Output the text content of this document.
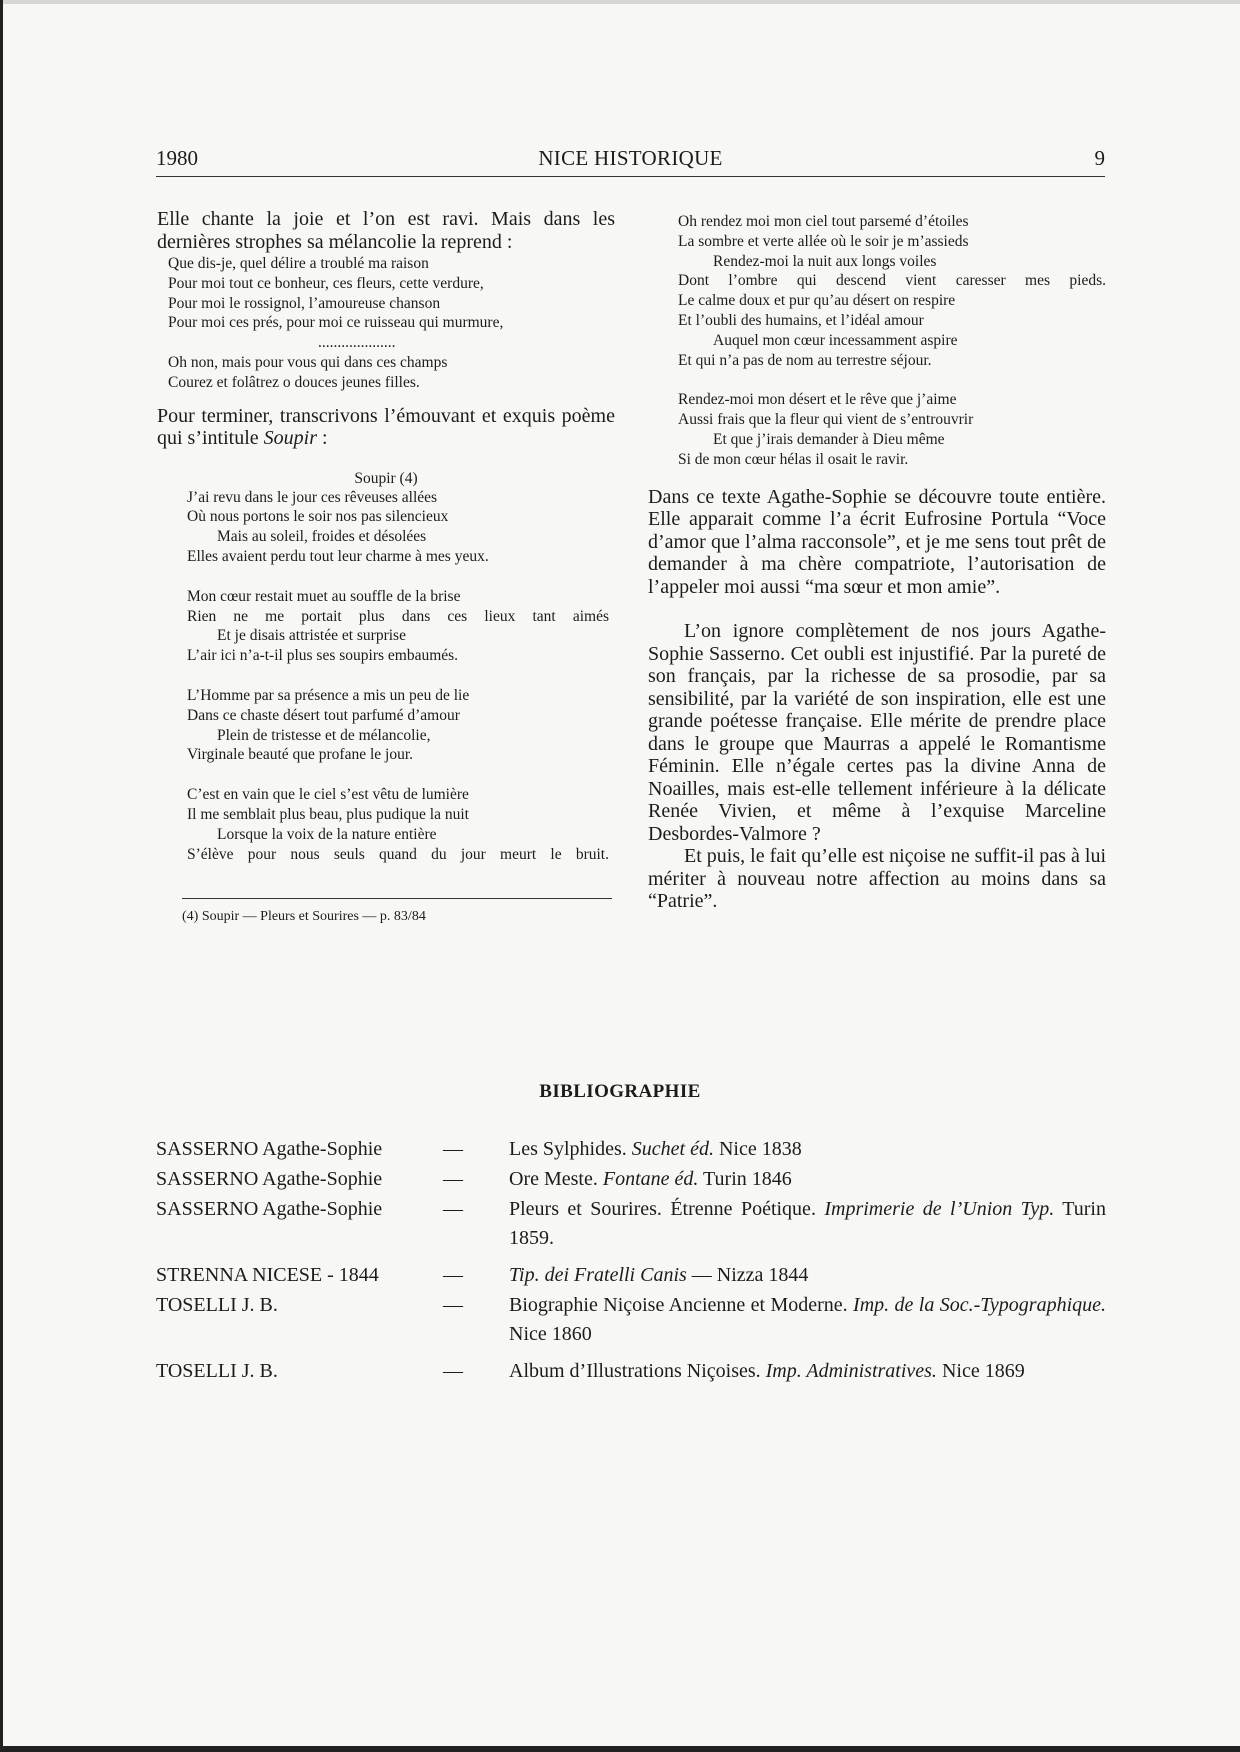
1980	NICE HISTORIQUE	9

Elle chante la joie et l’on est ravi. Mais dans les dernières strophes sa mélancolie la reprend :

Que dis-je, quel délire a troublé ma raison
Pour moi tout ce bonheur, ces fleurs, cette verdure,
Pour moi le rossignol, l’amoureuse chanson
Pour moi ces prés, pour moi ce ruisseau qui murmure,
....................
Oh non, mais pour vous qui dans ces champs
Courez et folâtrez o douces jeunes filles.

Pour terminer, transcrivons l’émouvant et exquis poème qui s’intitule Soupir :

Soupir (4)

J’ai revu dans le jour ces rêveuses allées
Où nous portons le soir nos pas silencieux
Mais au soleil, froides et désolées
Elles avaient perdu tout leur charme à mes yeux.
Mon cœur restait muet au souffle de la brise
Rien ne me portait plus dans ces lieux tant aimés
Et je disais attristée et surprise
L’air ici n’a-t-il plus ses soupirs embaumés.
L’Homme par sa présence a mis un peu de lie
Dans ce chaste désert tout parfumé d’amour
Plein de tristesse et de mélancolie,
Virginale beauté que profane le jour.
C’est en vain que le ciel s’est vêtu de lumière
Il me semblait plus beau, plus pudique la nuit
Lorsque la voix de la nature entière
S’élève pour nous seuls quand du jour meurt le bruit.
(4) Soupir — Pleurs et Sourires — p. 83/84
Oh rendez moi mon ciel tout parsemé d’étoiles
La sombre et verte allée où le soir je m’assieds
Rendez-moi la nuit aux longs voiles
Dont l’ombre qui descend vient caresser mes pieds.
Le calme doux et pur qu’au désert on respire
Et l’oubli des humains, et l’idéal amour
Auquel mon cœur incessamment aspire
Et qui n’a pas de nom au terrestre séjour.
Rendez-moi mon désert et le rêve que j’aime
Aussi frais que la fleur qui vient de s’entrouvrir
Et que j’irais demander à Dieu même
Si de mon cœur hélas il osait le ravir.

Dans ce texte Agathe-Sophie se découvre toute entière. Elle apparait comme l’a écrit Eufrosine Portula “Voce d’amor que l’alma racconsole”, et je me sens tout prêt de demander à ma chère compatriote, l’autorisation de l’appeler moi aussi “ma sœur et mon amie”.

L’on ignore complètement de nos jours Agathe-Sophie Sasserno. Cet oubli est injustifié. Par la pureté de son français, par la richesse de sa prosodie, par sa sensibilité, par la variété de son inspiration, elle est une grande poétesse française. Elle mérite de prendre place dans le groupe que Maurras a appelé le Romantisme Féminin. Elle n’égale certes pas la divine Anna de Noailles, mais est-elle tellement inférieure à la délicate Renée Vivien, et même à l’exquise Marceline Desbordes-Valmore ?

Et puis, le fait qu’elle est niçoise ne suffit-il pas à lui mériter à nouveau notre affection au moins dans sa “Patrie”.

BIBLIOGRAPHIE
SASSERNO Agathe-Sophie	— Les Sylphides. Suchet éd. Nice 1838
SASSERNO Agathe-Sophie	— Ore Meste. Fontane éd. Turin 1846
SASSERNO Agathe-Sophie	— Pleurs et Sourires. Étrenne Poétique. Imprimerie de l’Union Typ. Turin 1859.
STRENNA NICESE - 1844	— Tip. dei Fratelli Canis — Nizza 1844
TOSELLI J. B.	— Biographie Niçoise Ancienne et Moderne. Imp. de la Soc.-Typographique. Nice 1860
TOSELLI J. B.	— Album d’Illustrations Niçoises. Imp. Administratives. Nice 1869
